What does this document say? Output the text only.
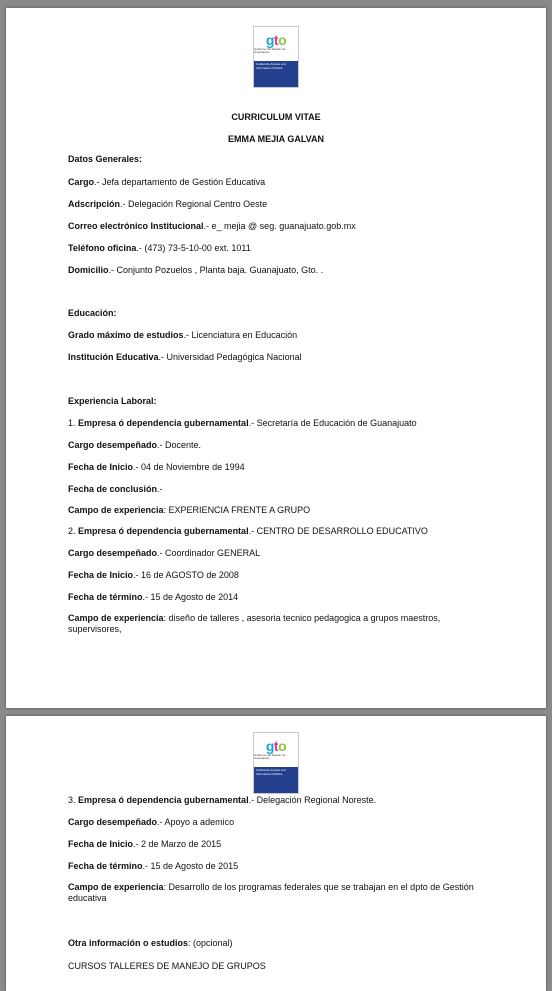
gto
Gobierno del Estado de Guanajuato
Unidad de Acceso a la Información Pública
CURRICULUM VITAE
EMMA MEJIA GALVAN
Datos Generales:
Cargo.- Jefa departamento de Gestión Educativa
Adscripción.- Delegación Regional Centro Oeste
Correo electrónico Institucional.- e_ mejia @ seg. guanajuato.gob.mx
Teléfono oficina.- (473) 73-5-10-00 ext. 1011
Domicilio.- Conjunto Pozuelos , Planta baja. Guanajuato, Gto. .
Educación:
Grado máximo de estudios.- Licenciatura en Educación
Institución Educativa.- Universidad Pedagógica Nacional
Experiencia Laboral:
1. Empresa ó dependencia gubernamental.- Secretaría de Educación de Guanajuato
Cargo desempeñado.- Docente.
Fecha de Inicio.- 04 de Noviembre de 1994
Fecha de conclusión.-
Campo de experiencia: EXPERIENCIA FRENTE A GRUPO
2. Empresa ó dependencia gubernamental.- CENTRO DE DESARROLLO EDUCATIVO
Cargo desempeñado.- Coordinador GENERAL
Fecha de Inicio.- 16 de AGOSTO de 2008
Fecha de término.- 15 de Agosto de 2014
Campo de experiencia: diseño de talleres , asesoria tecnico pedagogica a grupos maestros, supervisores,
gto
Gobierno del Estado de Guanajuato
Unidad de Acceso a la Información Pública
3. Empresa ó dependencia gubernamental.- Delegación Regional Noreste.
Cargo desempeñado.- Apoyo a ademico
Fecha de Inicio.- 2 de Marzo de 2015
Fecha de término.- 15 de Agosto de 2015
Campo de experiencia: Desarrollo de los programas federales que se trabajan en el dpto de Gestión educativa
Otra información o estudios: (opcional)
CURSOS TALLERES DE MANEJO DE GRUPOS
